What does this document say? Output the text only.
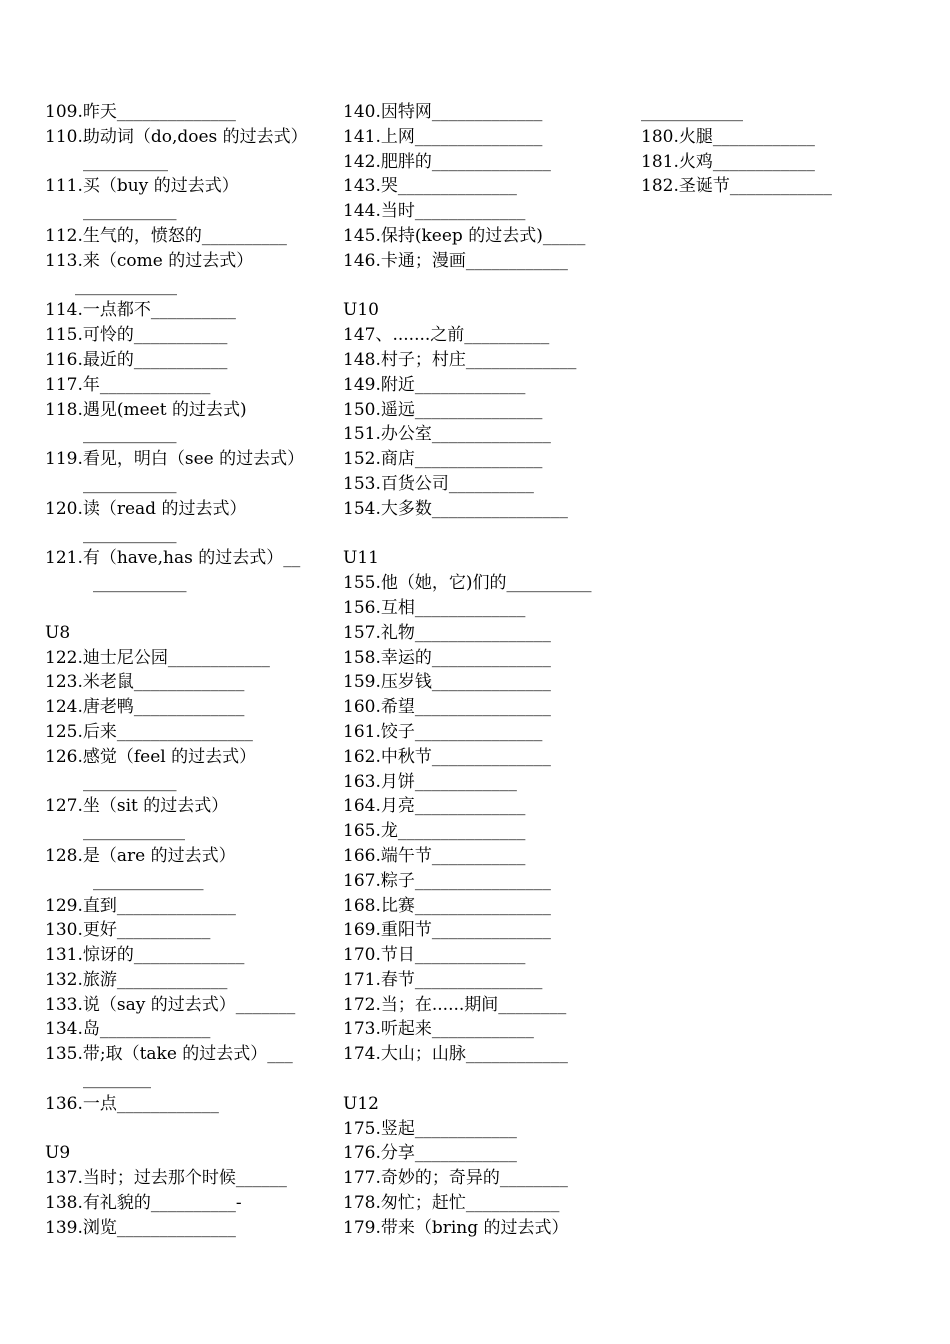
109.昨天______________
110.助动词（do,does 的过去式）
__________
111.买（buy 的过去式）
___________
112.生气的，愤怒的__________
113.来（come 的过去式）
____________
114.一点都不__________
115.可怜的___________
116.最近的___________
117.年_____________
118.遇见(meet 的过去式)
___________
119.看见，明白（see 的过去式）
___________
120.读（read 的过去式）
___________
121.有（have,has 的过去式）__
___________
U8
122.迪士尼公园____________
123.米老鼠_____________
124.唐老鸭_____________
125.后来________________
126.感觉（feel 的过去式）
___________
127.坐（sit 的过去式）
____________
128.是（are 的过去式）
_____________
129.直到______________
130.更好___________
131.惊讶的_____________
132.旅游_____________
133.说（say 的过去式）_______
134.岛_____________
135.带;取（take 的过去式）___
________
136.一点____________
U9
137.当时；过去那个时候______
138.有礼貌的__________-
139.浏览______________
140.因特网_____________
141.上网_______________
142.肥胖的______________
143.哭______________
144.当时_____________
145.保持(keep 的过去式)_____
146.卡通；漫画____________
U10
147、.......之前__________
148.村子；村庄_____________
149.附近_____________
150.遥远_______________
151.办公室______________
152.商店_______________
153.百货公司__________
154.大多数________________
U11
155.他（她，它)们的__________
156.互相_____________
157.礼物________________
158.幸运的______________
159.压岁钱______________
160.希望________________
161.饺子_______________
162.中秋节______________
163.月饼____________
164.月亮_____________
165.龙_______________
166.端午节___________
167.粽子________________
168.比赛________________
169.重阳节______________
170.节日_____________
171.春节_______________
172.当；在......期间________
173.听起来____________
174.大山；山脉____________
U12
175.竖起____________
176.分享____________
177.奇妙的；奇异的________
178.匆忙；赶忙___________
179.带来（bring 的过去式）
____________
180.火腿____________
181.火鸡____________
182.圣诞节____________
